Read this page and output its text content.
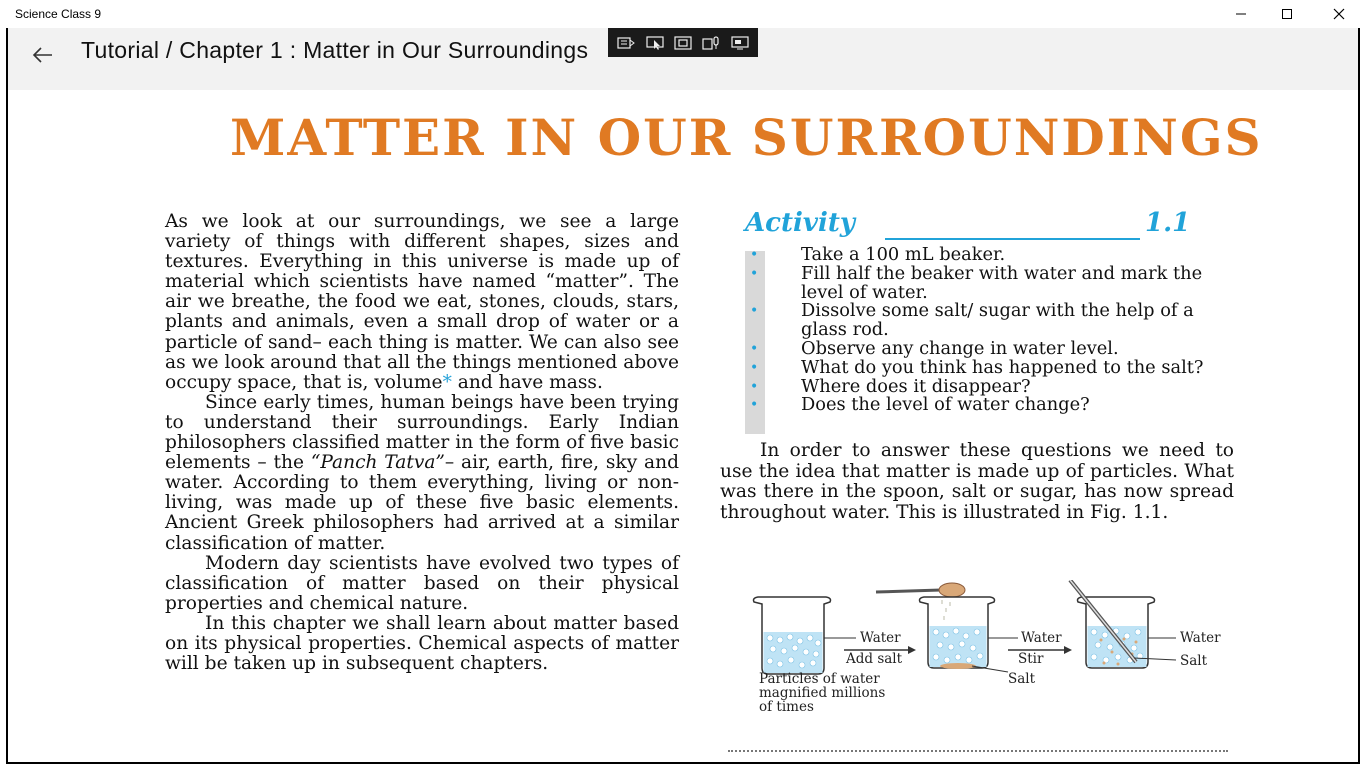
Science Class 9
Tutorial / Chapter 1 : Matter in Our Surroundings
MATTER IN OUR SURROUNDINGS

As we look at our surroundings, we see a large variety of things with different shapes, sizes and textures. Everything in this universe is made up of material which scientists have named “matter”. The air we breathe, the food we eat, stones, clouds, stars, plants and animals, even a small drop of water or a particle of sand– each thing is matter. We can also see as we look around that all the things mentioned above occupy space, that is, volume* and have mass.

Since early times, human beings have been trying to understand their surroundings. Early Indian philosophers classified matter in the form of five basic elements – the “Panch Tatva”– air, earth, fire, sky and water. According to them everything, living or non-living, was made up of these five basic elements. Ancient Greek philosophers had arrived at a similar classification of matter.

Modern day scientists have evolved two types of classification of matter based on their physical properties and chemical nature.

In this chapter we shall learn about matter based on its physical properties. Chemical aspects of matter will be taken up in subsequent chapters.

Activity	1.1
• Take a 100 mL beaker.
• Fill half the beaker with water and mark the level of water.
• Dissolve some salt/ sugar with the help of a glass rod.
• Observe any change in water level.
• What do you think has happened to the salt?
• Where does it disappear?
• Does the level of water change?

In order to answer these questions we need to use the idea that matter is made up of particles. What was there in the spoon, salt or sugar, has now spread throughout water. This is illustrated in Fig. 1.1.

Water
Add salt
Water
Stir
Salt
Water
Salt
Particles of water
magnified millions
of times
